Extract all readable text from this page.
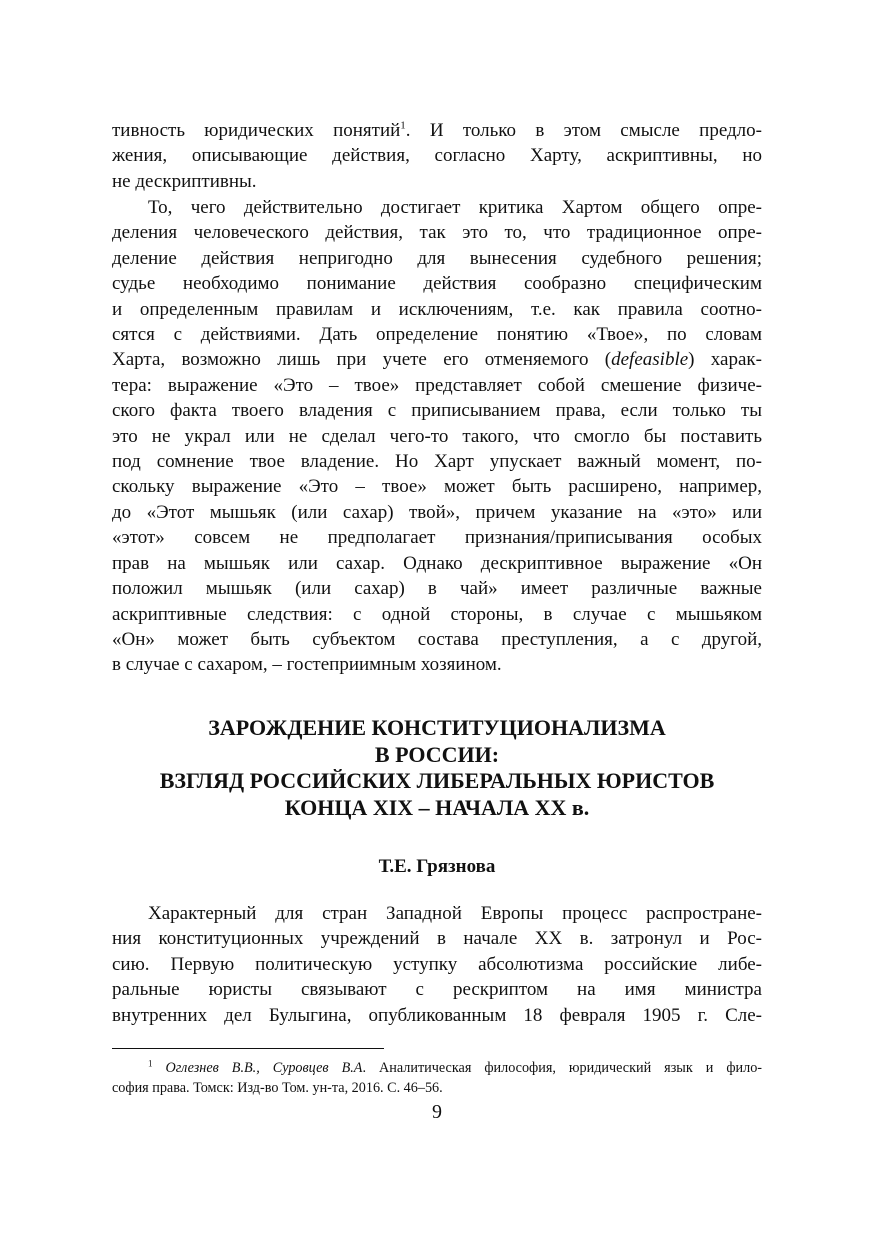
тивность юридических понятий$^1$. И только в этом смысле предло-
жения, описывающие действия, согласно Харту, аскриптивны, но
не дескриптивны.
То, чего действительно достигает критика Хартом общего опре-
деления человеческого действия, так это то, что традиционное опре-
деление действия непригодно для вынесения судебного решения;
судье необходимо понимание действия сообразно специфическим
и определенным правилам и исключениям, т.е. как правила соотно-
сятся с действиями. Дать определение понятию «Твое», по словам
Харта, возможно лишь при учете его отменяемого (defeasible) харак-
тера: выражение «Это – твое» представляет собой смешение физиче-
ского факта твоего владения с приписыванием права, если только ты
это не украл или не сделал чего-то такого, что смогло бы поставить
под сомнение твое владение. Но Харт упускает важный момент, по-
скольку выражение «Это – твое» может быть расширено, например,
до «Этот мышьяк (или сахар) твой», причем указание на «это» или
«этот» совсем не предполагает признания/приписывания особых
прав на мышьяк или сахар. Однако дескриптивное выражение «Он
положил мышьяк (или сахар) в чай» имеет различные важные
аскриптивные следствия: с одной стороны, в случае с мышьяком
«Он» может быть субъектом состава преступления, а с другой,
в случае с сахаром, – гостеприимным хозяином.
ЗАРОЖДЕНИЕ КОНСТИТУЦИОНАЛИЗМА
В РОССИИ:
ВЗГЛЯД РОССИЙСКИХ ЛИБЕРАЛЬНЫХ ЮРИСТОВ
КОНЦА XIX – НАЧАЛА XX в.

Т.Е. Грязнова

Характерный для стран Западной Европы процесс распростране-
ния конституционных учреждений в начале XX в. затронул и Рос-
сию. Первую политическую уступку абсолютизма российские либе-
ральные юристы связывают с рескриптом на имя министра
внутренних дел Булыгина, опубликованным 18 февраля 1905 г. Сле-
$^1$ Оглезнев В.В., Суровцев В.А. Аналитическая философия, юридический язык и фило-
софия права. Томск: Изд-во Том. ун-та, 2016. С. 46–56.

9
